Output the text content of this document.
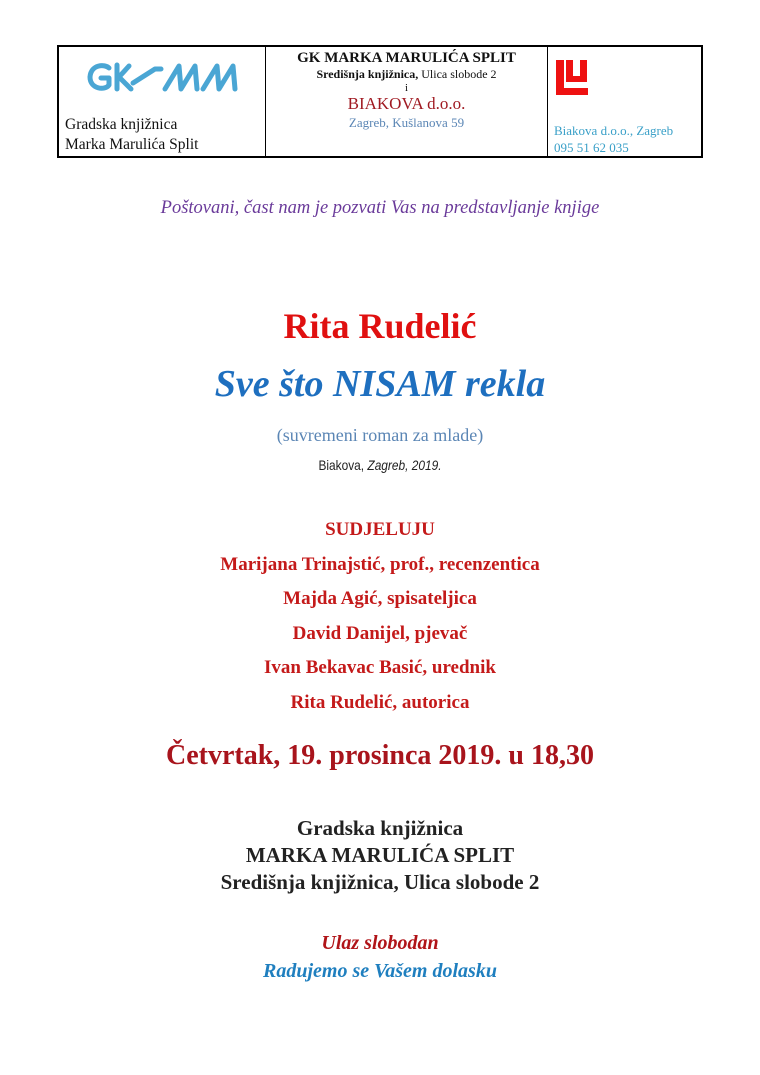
Gradska knjižnica
Marka Marulića Split
GK MARKA MARULIĆA SPLIT
Središnja knjižnica, Ulica slobode 2
i
BIAKOVA d.o.o.
Zagreb, Kušlanova 59
Biakova d.o.o., Zagreb
095 51 62 035
Poštovani, čast nam je pozvati Vas na predstavljanje knjige
Rita Rudelić
Sve što NISAM rekla
(suvremeni roman za mlade)
Biakova, Zagreb, 2019.
SUDJELUJU
Marijana Trinajstić, prof., recenzentica
Majda Agić, spisateljica
David Danijel, pjevač
Ivan Bekavac Basić, urednik
Rita Rudelić, autorica
Četvrtak, 19. prosinca 2019. u 18,30
Gradska knjižnica
MARKA MARULIĆA SPLIT
Središnja knjižnica, Ulica slobode 2
Ulaz slobodan
Radujemo se Vašem dolasku
